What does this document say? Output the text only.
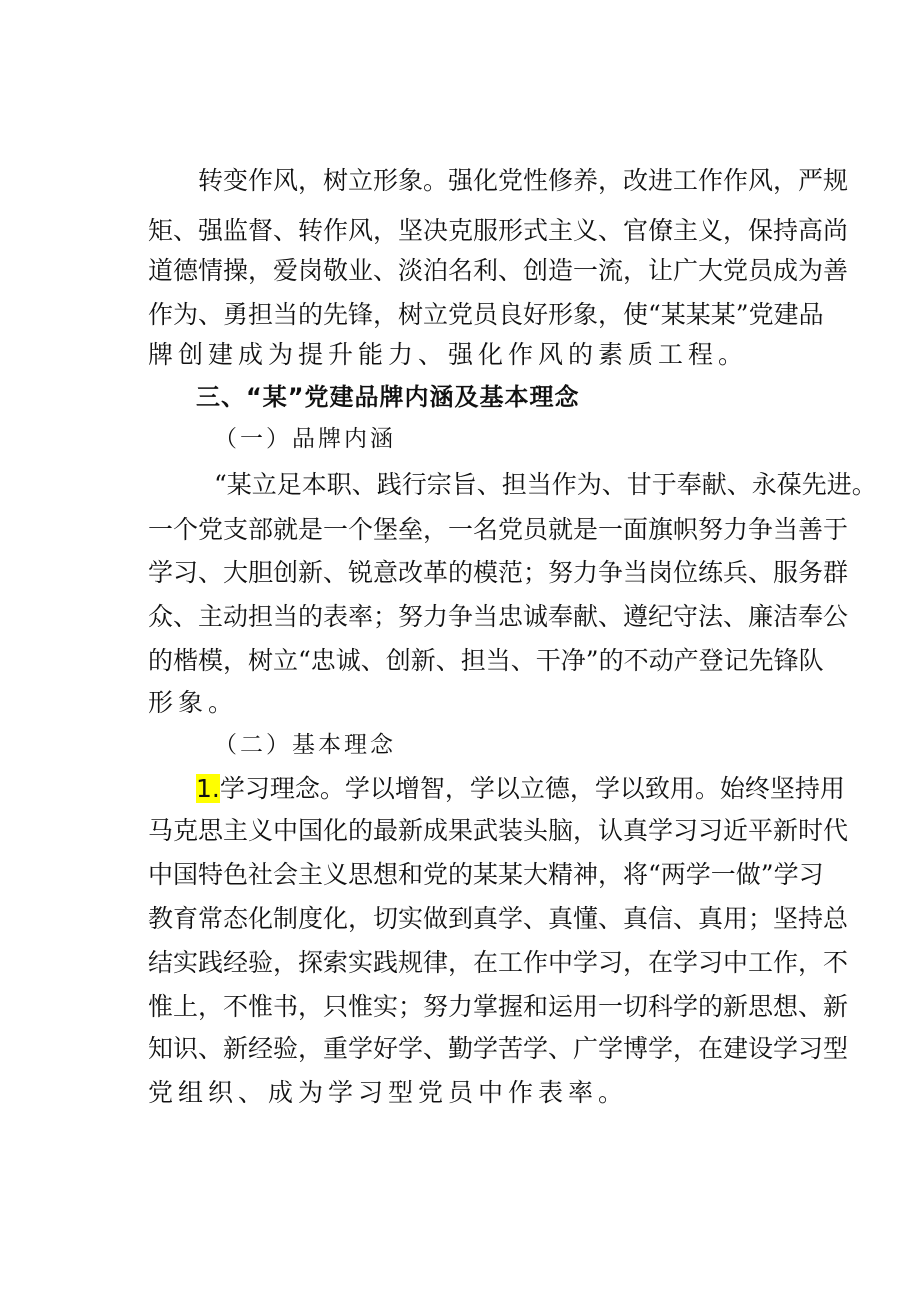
转变作风，树立形象。强化党性修养，改进工作作风，严规
矩、强监督、转作风，坚决克服形式主义、官僚主义，保持高尚
道德情操，爱岗敬业、淡泊名利、创造一流，让广大党员成为善
作为、勇担当的先锋，树立党员良好形象，使“某某某”党建品
牌创建成为提升能力、强化作风的素质工程。
三、“某”党建品牌内涵及基本理念
（一）品牌内涵
“某立足本职、践行宗旨、担当作为、甘于奉献、永葆先进。
一个党支部就是一个堡垒，一名党员就是一面旗帜努力争当善于
学习、大胆创新、锐意改革的模范；努力争当岗位练兵、服务群
众、主动担当的表率；努力争当忠诚奉献、遵纪守法、廉洁奉公
的楷模，树立“忠诚、创新、担当、干净”的不动产登记先锋队
形象。
（二）基本理念
1.学习理念。学以增智，学以立德，学以致用。始终坚持用
马克思主义中国化的最新成果武装头脑，认真学习习近平新时代
中国特色社会主义思想和党的某某大精神，将“两学一做”学习
教育常态化制度化，切实做到真学、真懂、真信、真用；坚持总
结实践经验，探索实践规律，在工作中学习，在学习中工作，不
惟上，不惟书，只惟实；努力掌握和运用一切科学的新思想、新
知识、新经验，重学好学、勤学苦学、广学博学，在建设学习型
党组织、成为学习型党员中作表率。
